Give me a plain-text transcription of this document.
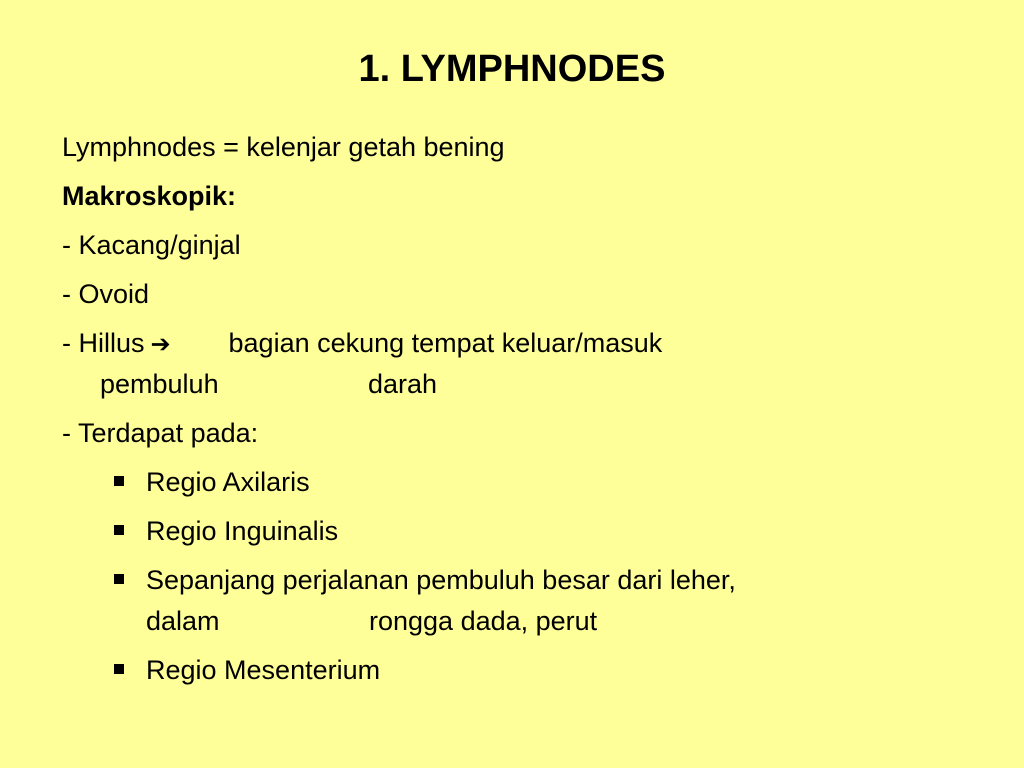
1. LYMPHNODES
Lymphnodes = kelenjar getah bening
Makroskopik:
- Kacang/ginjal
- Ovoid
- Hillus ➔ bagian cekung tempat keluar/masuk
pembuluh	darah
- Terdapat pada:
Regio Axilaris
Regio Inguinalis
Sepanjang perjalanan pembuluh besar dari leher,
dalam	rongga dada, perut
Regio Mesenterium
